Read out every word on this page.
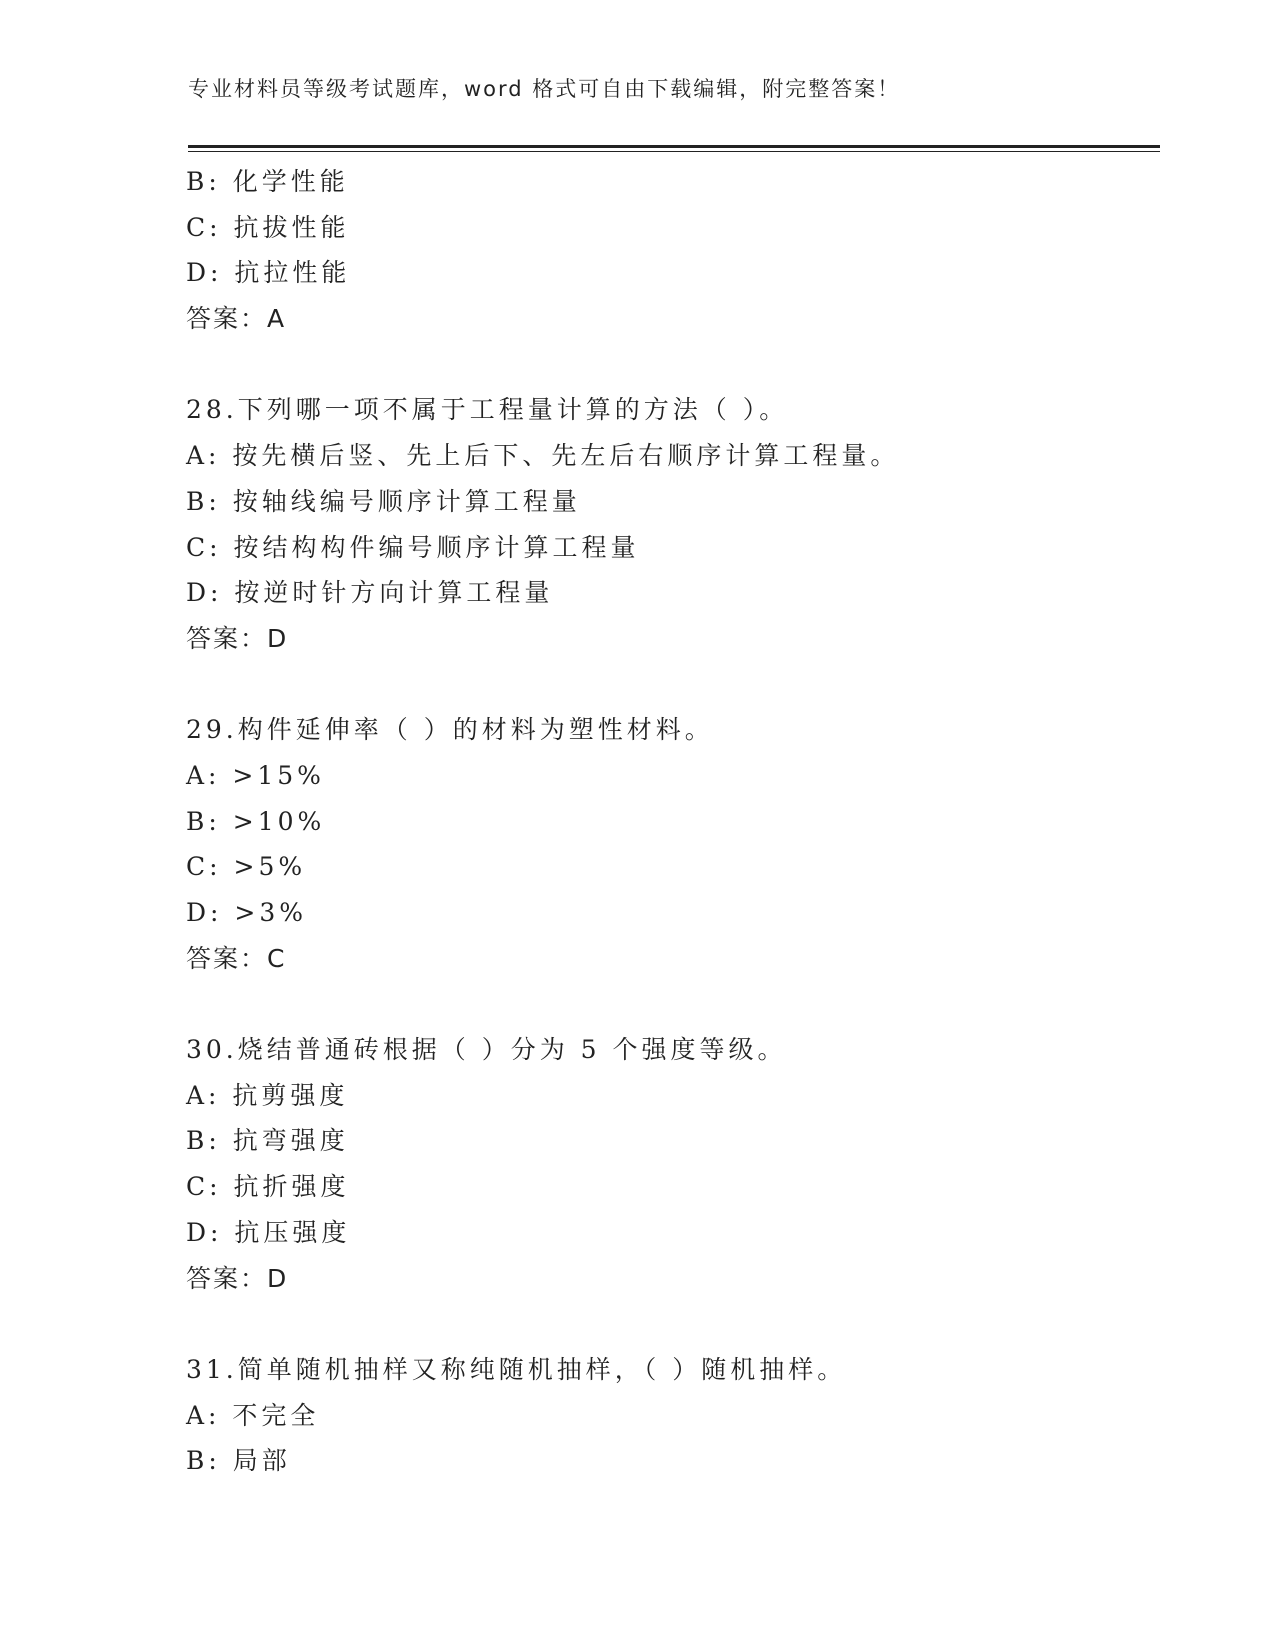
专业材料员等级考试题库，word 格式可自由下载编辑，附完整答案！
B: 化学性能
C: 抗拔性能
D: 抗拉性能
答案：A
28.下列哪一项不属于工程量计算的方法（ ）。
A: 按先横后竖、先上后下、先左后右顺序计算工程量。
B: 按轴线编号顺序计算工程量
C: 按结构构件编号顺序计算工程量
D: 按逆时针方向计算工程量
答案：D
29.构件延伸率（ ）的材料为塑性材料。
A: >15%
B: >10%
C: >5%
D: >3%
答案：C
30.烧结普通砖根据（ ）分为 5 个强度等级。
A: 抗剪强度
B: 抗弯强度
C: 抗折强度
D: 抗压强度
答案：D
31.简单随机抽样又称纯随机抽样，（ ）随机抽样。
A: 不完全
B: 局部
